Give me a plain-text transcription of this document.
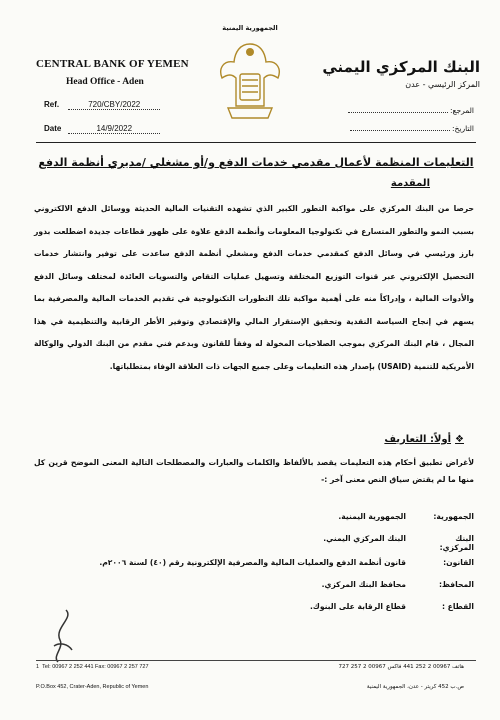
CENTRAL BANK OF YEMEN
Head Office - Aden
Ref.	720/CBY/2022
Date	14/9/2022
الجمهورية اليمنية
البنك المركزي اليمني
المركز الرئيسي - عدن
المرجع:
التاريخ:
التعليمات المنظمة لأعمال مقدمي خدمات الدفع و/أو مشغلي /مديري أنظمة الدفع
المقدمة
حرصا من البنك المركزي على مواكبة التطور الكبير الذي تشهده التقنيات المالية الحديثة ووسائل الدفع الالكتروني بسبب النمو والتطور المتسارع في تكنولوجيا المعلومات وأنظمة الدفع علاوة على ظهور قطاعات جديدة اضطلعت بدور بارز ورئيسي في وسائل الدفع كمقدمي خدمات الدفع ومشغلي أنظمة الدفع ساعدت على توفير وانتشار خدمات التحصيل الإلكتروني عبر قنوات التوزيع المختلفة وتسهيل عمليات التقاص والتسويات العائدة لمختلف وسائل الدفع والأدوات المالية ، وإدراكاً منه على أهمية مواكبة تلك التطورات التكنولوجية في تقديم الخدمات المالية والمصرفية بما يسهم في إنجاح السياسة النقدية وتحقيق الإستقرار المالي والإقتصادي وتوفير الأطر الرقابية والتنظيمية في هذا المجال ، قام البنك المركزي بموجب الصلاحيات المخولة له وفقاً للقانون وبدعم فني مقدم من البنك الدولي والوكالة الأمريكية للتنمية (USAID) بإصدار هذه التعليمات وعلى جميع الجهات ذات العلاقة الوفاء بمتطلباتها.
❖أولاً: التعاريف
لأغراض تطبيق أحكام هذه التعليمات يقصد بالألفاظ والكلمات والعبارات والمصطلحات التالية المعنى الموضح قرين كل منها ما لم يقتض سياق النص معنى آخر :-
الجمهورية:
الجمهورية اليمنية.
البنك المركزي:
البنك المركزي اليمني.
القانون:
قانون أنظمة الدفع والعمليات المالية والمصرفية الإلكترونية رقم (٤٠) لسنة ٢٠٠٦م.
المحافظ:
محافظ البنك المركزي.
القطاع :
قطاع الرقابة على البنوك.
1 Tel: 00967 2 252 441 Fax: 00967 2 257 727
P.O.Box 452, Crater-Aden, Republic of Yemen
هاتف 00967 2 252 441 فاكس 00967 2 257 727
ص.ب 452 كريتر - عدن، الجمهورية اليمنية
